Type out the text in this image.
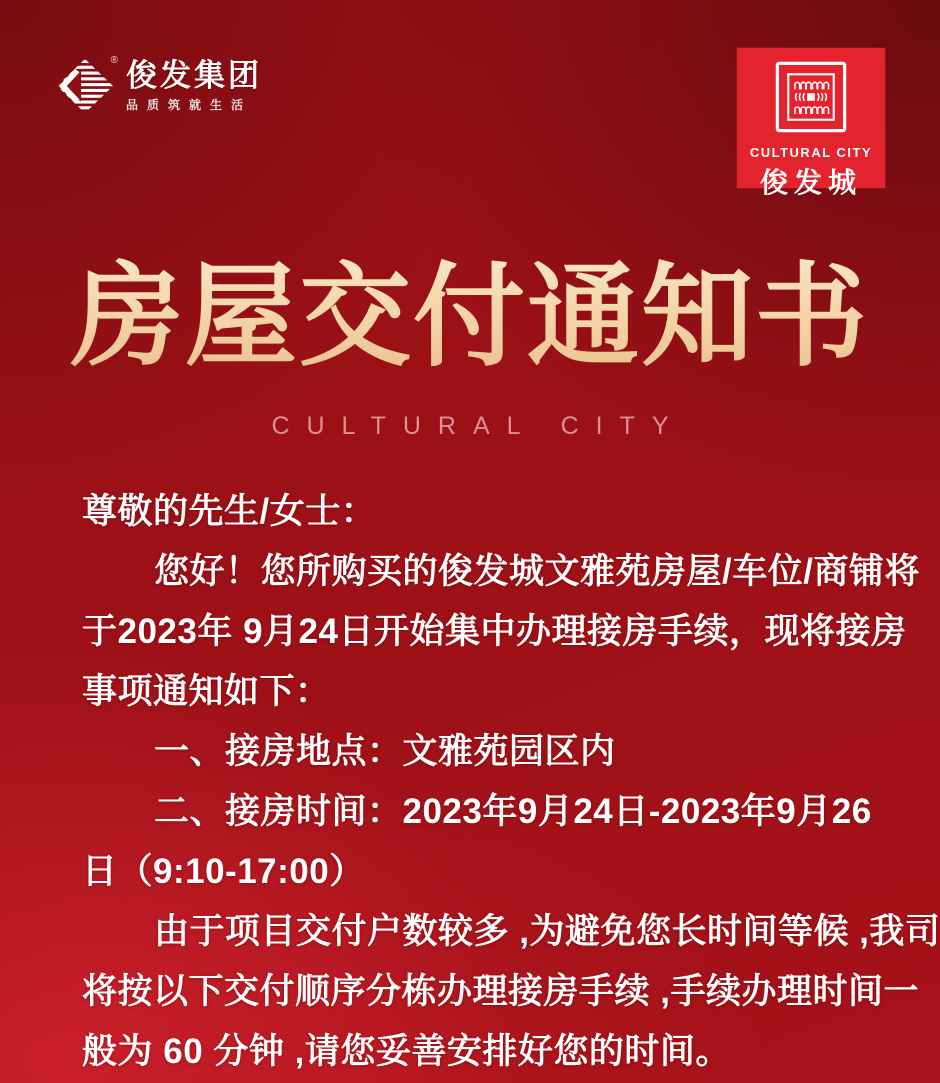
® 俊发集团
品质筑就生活
CULTURAL CITY
俊发城
房屋交付通知书
CULTURAL CITY
尊敬的先生/女士：
您好！您所购买的俊发城文雅苑房屋/车位/商铺将
于2023年 9月24日开始集中办理接房手续，现将接房
事项通知如下：
一、接房地点：文雅苑园区内
二、接房时间：2023年9月24日-2023年9月26
日（9:10-17:00）
由于项目交付户数较多 ,为避免您长时间等候 ,我司
将按以下交付顺序分栋办理接房手续 ,手续办理时间一
般为 60 分钟 ,请您妥善安排好您的时间。
